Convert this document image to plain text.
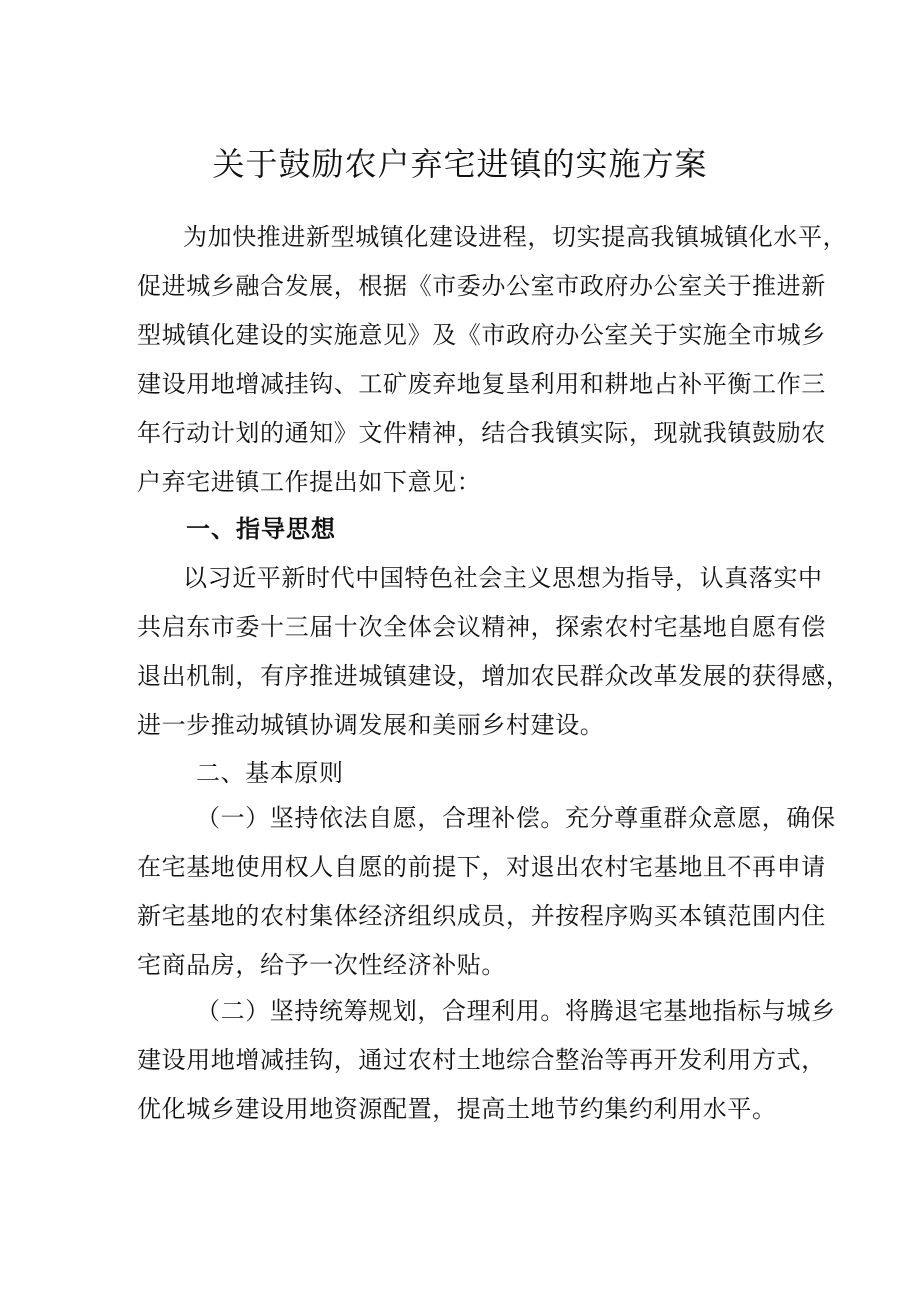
关于鼓励农户弃宅进镇的实施方案
为加快推进新型城镇化建设进程，切实提高我镇城镇化水平，
促进城乡融合发展，根据《市委办公室市政府办公室关于推进新
型城镇化建设的实施意见》及《市政府办公室关于实施全市城乡
建设用地增减挂钩、工矿废弃地复垦利用和耕地占补平衡工作三
年行动计划的通知》文件精神，结合我镇实际，现就我镇鼓励农
户弃宅进镇工作提出如下意见：
一、指导思想
以习近平新时代中国特色社会主义思想为指导，认真落实中
共启东市委十三届十次全体会议精神，探索农村宅基地自愿有偿
退出机制，有序推进城镇建设，增加农民群众改革发展的获得感，
进一步推动城镇协调发展和美丽乡村建设。
二、基本原则
（一）坚持依法自愿，合理补偿。充分尊重群众意愿，确保
在宅基地使用权人自愿的前提下，对退出农村宅基地且不再申请
新宅基地的农村集体经济组织成员，并按程序购买本镇范围内住
宅商品房，给予一次性经济补贴。
（二）坚持统筹规划，合理利用。将腾退宅基地指标与城乡
建设用地增减挂钩，通过农村土地综合整治等再开发利用方式，
优化城乡建设用地资源配置，提高土地节约集约利用水平。
